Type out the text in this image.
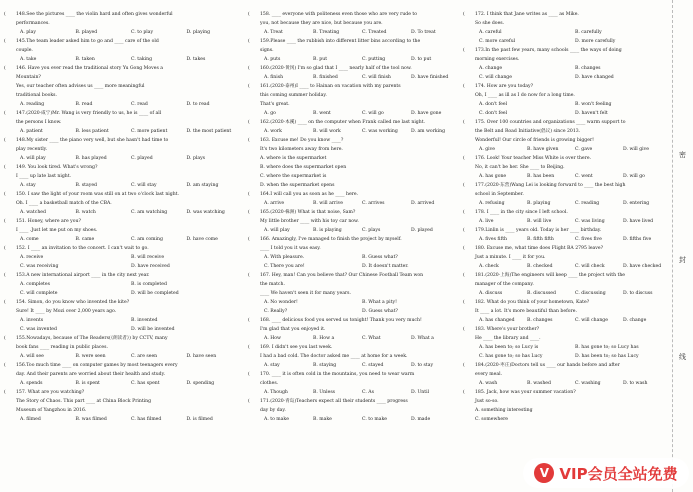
(	148.See the pictures ____ the violin hard and often gives wonderful
performances.
A. play	B. played	C. to play	D. playing
(	145.The team leader asked him to go and ____ care of the old
couple.
A. take	B. taken	C. taking	D. takes
(	146. Have you ever read the traditional story Yu Gong Moves a
Mountain?
Yes, our teacher often advises us ____ more meaningful
traditional books.
A. reading	B. read	C. read	D. to read
(	147.(2020·咸宁)Mr. Wang is very friendly to us, he is ____ of all
the persons I know.
A. patient	B. less patient	C. more patient	D. the most patient
(	148.My sister ____ the piano very well, but she hasn't had time to
play recently.
A. will play	B. has played	C. played	D. plays
(	149. You look tired. What's wrong?
I ____ up late last night.
A. stay	B. stayed	C. will stay	D. am staying
(	150. I saw the light of your room was still on at two o'clock last night.
Oh. I ____ a basketball match of the CBA.
A. watched	B. watch	C. am watching	D. was watching
(	151. Honey, where are you?
I ____ .Just let me put on my shoes.
A. come	B. came	C. am coming	D. have come
(	152. I ____ an invitation to the concert. I can't wait to go.
A. receive	B. will receive
C. was receiving	D. have received
(	153.A new international airport ____ in the city next year.
A. completes	B. is completed
C. will complete	D. will be completed
(	154. Simon, do you know who invented the kite?
Sure! It ____ by Mozi over 2,000 years ago.
A. invents	B. invented
C. was invented	D. will be invented
(	155.Nowadays, because of The Readers(《朗读者》) by CCTV, many
book fans ____ reading in public places.
A. will see	B. were seen	C. are seen	D. have seen
(	156.Too much time ____ on computer games by most teenagers every
day. And their parents are worried about their health and study.
A. spends	B. is spent	C. has spent	D. spending
(	157. What are you watching?
The Story of Chaos. This part ____ at China Block Printing
Museum of Yangzhou in 2016.
A. filmed	B. was filmed	C. has filmed	D. is filmed
(	158. ____ everyone with politeness even those who are very rude to
you, not because they are nice, but because you are.
A. Treat	B. Treating	C. Treated	D. To treat
(	159.Please ____ the rubbish into different litter bins according to the
signs.
A. puts	B. put	C. putting	D. to put
(	160.(2020·黄冈) I'm so glad that I ____ nearly half of the tool now.
A. finish	B. finished	C. will finish	D. have finished
(	161.(2020·泰州)I ____ to Hainan on vacation with my parents
this coming summer holiday.
That's great.
A. go	B. went	C. will go	D. have gone
(	162.(2020·本溪) ____ on the computer when Frank called me last night.
A. work	B. will work	C. was working	D. am working
(	163. Excuse me! Do you know ____?
It's two kilometers away from here.
A. where is the supermarket
B. where does the supermarket open
C. where the supermarket is
D. when the supermarket opens
(	164.I will call you as soon as he ____ here.
A. arrive	B. will arrive	C. arrives	D. arrived
(	165.(2020·株洲) What is that noise, Sam?
My little brother ____ with his toy car now.
A. will play	B. is playing	C. plays	D. played
(	166. Amazingly, I've managed to finish the project by myself.
____ I told you it was easy.
A. With pleasure.	B. Guess what?
C. There you are!	D. It doesn't matter.
(	167. Hey, man! Can you believe that? Our Chinese Football Team won
the match.
____ We haven't seen it for many years.
A. No wonder!	B. What a pity!
C. Really?	D. Guess what?
(	168. ____ delicious food you served us tonight! Thank you very much!
I'm glad that you enjoyed it.
A. How	B. How a	C. What	D. What a
(	169. I didn't see you last week.
I had a bad cold. The doctor asked me ____ at home for a week.
A. stay	B. staying	C. stayed	D. to stay
(	170. ____ it is often cold in the mountains, you need to wear warm
clothes.
A. Though	B. Unless	C. As	D. Until
(	171.(2020·青岛)Teachers expect all their students ____ progress
day by day.
A. to make	B. make	C. to make	D. made
(	172. I think that Jane writes as ____ as Mike.
So she does.
A. careful	B. carefully
C. more careful	D. more carefully
(	173.In the past few years, many schools ____ the ways of doing
morning exercises.
A. change	B. changes
C. will change	D. have changed
(	174. How are you today?
Oh, I ____ as ill as I do now for a long time.
A. don't feel	B. won't feeling
C. don't feel	D. haven't felt
(	175. Over 100 countries and organizations ____ warm support to
the Belt and Road Initiative(倡议) since 2013.
Wonderful! Our circle of friends is growing bigger!
A. give	B. have given	C. gave	D. will give
(	176. Look! Your teacher Miss White is over there.
No, it can't be her. She ____ to Beijing.
A. has gone	B. has been	C. went	D. will go
(	177.(2020·东营)Wang Lei is looking forward to ____ the best high
school in September.
A. refusing	B. playing	C. reading	D. entering
(	178. I ____ in the city since I left school.
A. live	B. will live	C. was living	D. have lived
(	179.Linlin is ____ years old. Today is her ____ birthday.
A. fives fifth	B. fifth fifth	C. fives five	D. fifths five
(	180. Excuse me, what time does Flight BA 2795 leave?
Just a minute. I ____ it for you.
A. check	B. checked	C. will check	D. have checked
(	181.(2020·上海)The engineers will keep ____ the project with the
manager of the company.
A. discuss	B. discussed	C. discussing	D. to discuss
(	182. What do you think of your hometown, Kate?
It ____ a lot. It's more beautiful than before.
A. has changed	B. changes	C. will change	D. change
(	183. Where's your brother?
He ____ the library and ____.
A. has been to; so Lucy is	B. has gone to; so Lucy has
C. has gone to; so has Lucy	D. has been to; so has Lucy
(	184.(2020·枣庄)Doctors tell us ____ our hands before and after
every meal.
A. wash	B. washed	C. washing	D. to wash
(	185. Jack, how was your summer vacation?
Just so-so.
A. something interesting
C. somewhere
密
封
线
V VIP会员全站免费
